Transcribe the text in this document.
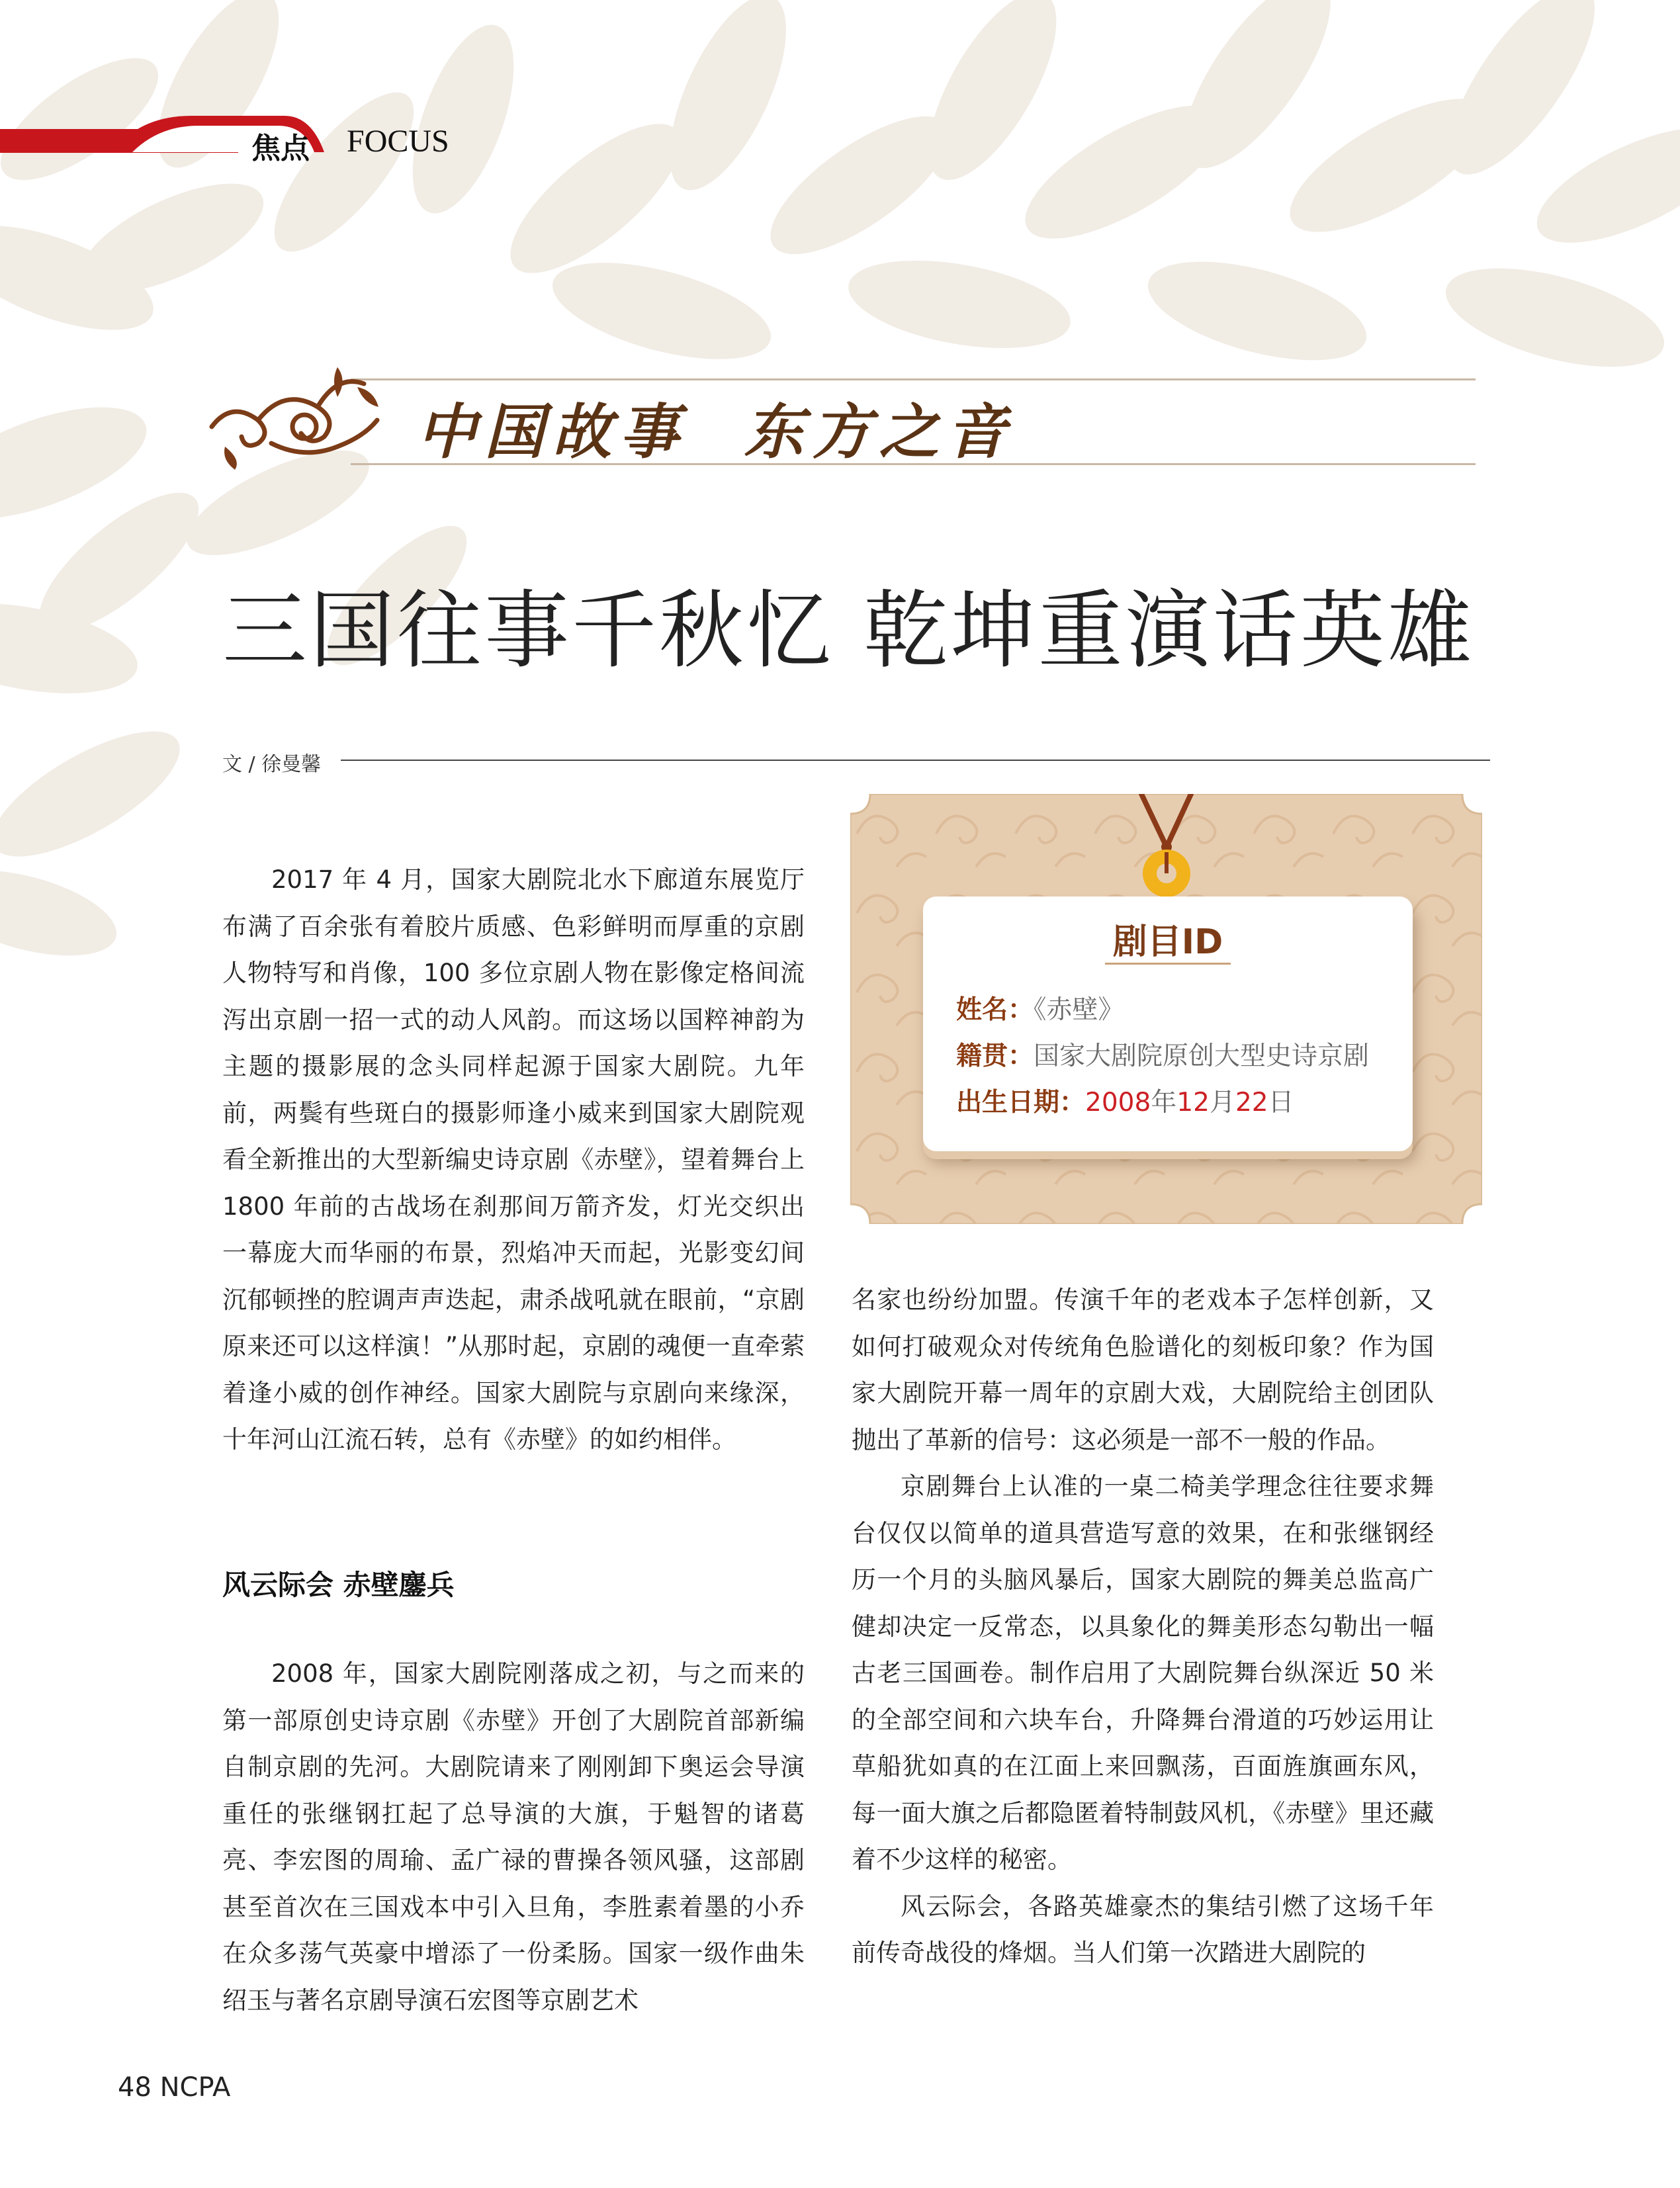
焦点 FOCUS
中国故事  东方之音
三国往事千秋忆 乾坤重演话英雄
文 / 徐曼馨

2017 年 4 月，国家大剧院北水下廊道东展览厅布满了百余张有着胶片质感、色彩鲜明而厚重的京剧人物特写和肖像，100 多位京剧人物在影像定格间流泻出京剧一招一式的动人风韵。而这场以国粹神韵为主题的摄影展的念头同样起源于国家大剧院。九年前，两鬓有些斑白的摄影师逢小威来到国家大剧院观看全新推出的大型新编史诗京剧《赤壁》，望着舞台上 1800 年前的古战场在刹那间万箭齐发，灯光交织出一幕庞大而华丽的布景，烈焰冲天而起，光影变幻间沉郁顿挫的腔调声声迭起，肃杀战吼就在眼前，“京剧原来还可以这样演！”从那时起，京剧的魂便一直牵萦着逢小威的创作神经。国家大剧院与京剧向来缘深，十年河山江流石转，总有《赤壁》的如约相伴。

风云际会 赤壁鏖兵

2008 年，国家大剧院刚落成之初，与之而来的第一部原创史诗京剧《赤壁》开创了大剧院首部新编自制京剧的先河。大剧院请来了刚刚卸下奥运会导演重任的张继钢扛起了总导演的大旗，于魁智的诸葛亮、李宏图的周瑜、孟广禄的曹操各领风骚，这部剧甚至首次在三国戏本中引入旦角，李胜素着墨的小乔在众多荡气英豪中增添了一份柔肠。国家一级作曲朱绍玉与著名京剧导演石宏图等京剧艺术

剧目ID
姓名：《赤壁》
籍贯：国家大剧院原创大型史诗京剧
出生日期：2008年12月22日

名家也纷纷加盟。传演千年的老戏本子怎样创新，又如何打破观众对传统角色脸谱化的刻板印象？作为国家大剧院开幕一周年的京剧大戏，大剧院给主创团队抛出了革新的信号：这必须是一部不一般的作品。

京剧舞台上认准的一桌二椅美学理念往往要求舞台仅仅以简单的道具营造写意的效果，在和张继钢经历一个月的头脑风暴后，国家大剧院的舞美总监高广健却决定一反常态，以具象化的舞美形态勾勒出一幅古老三国画卷。制作启用了大剧院舞台纵深近 50 米的全部空间和六块车台，升降舞台滑道的巧妙运用让草船犹如真的在江面上来回飘荡，百面旌旗画东风，每一面大旗之后都隐匿着特制鼓风机，《赤壁》里还藏着不少这样的秘密。

风云际会，各路英雄豪杰的集结引燃了这场千年前传奇战役的烽烟。当人们第一次踏进大剧院的

48 NCPA
